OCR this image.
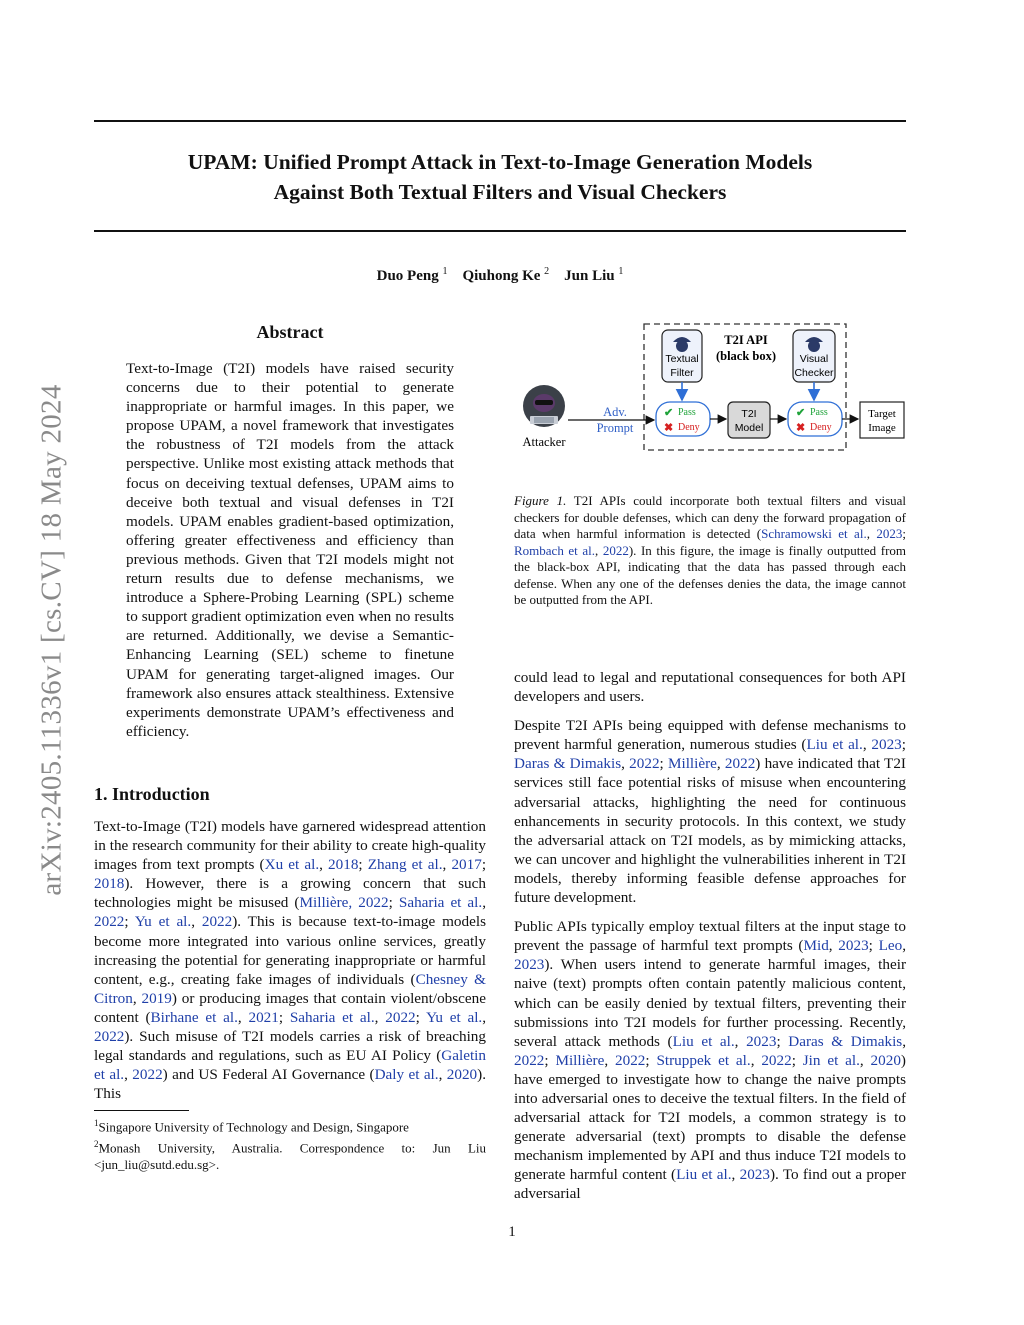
arXiv:2405.11336v1 [cs.CV] 18 May 2024
UPAM: Unified Prompt Attack in Text-to-Image Generation Models
Against Both Textual Filters and Visual Checkers
Duo Peng $^1$ Qiuhong Ke $^2$ Jun Liu $^1$
Abstract
Text-to-Image (T2I) models have raised security concerns due to their potential to generate inappropriate or harmful images. In this paper, we propose UPAM, a novel framework that investigates the robustness of T2I models from the attack perspective. Unlike most existing attack methods that focus on deceiving textual defenses, UPAM aims to deceive both textual and visual defenses in T2I models. UPAM enables gradient-based optimization, offering greater effectiveness and efficiency than previous methods. Given that T2I models might not return results due to defense mechanisms, we introduce a Sphere-Probing Learning (SPL) scheme to support gradient optimization even when no results are returned. Additionally, we devise a Semantic-Enhancing Learning (SEL) scheme to finetune UPAM for generating target-aligned images. Our framework also ensures attack stealthiness. Extensive experiments demonstrate UPAM’s effectiveness and efficiency.
1. Introduction

Text-to-Image (T2I) models have garnered widespread attention in the research community for their ability to create high-quality images from text prompts (Xu et al., 2018; Zhang et al., 2017; 2018). However, there is a growing concern that such technologies might be misused (Millière, 2022; Saharia et al., 2022; Yu et al., 2022). This is because text-to-image models become more integrated into various online services, greatly increasing the potential for generating inappropriate or harmful content, e.g., creating fake images of individuals (Chesney & Citron, 2019) or producing images that contain violent/obscene content (Birhane et al., 2021; Saharia et al., 2022; Yu et al., 2022). Such misuse of T2I models carries a risk of breaching legal standards and regulations, such as EU AI Policy (Galetin et al., 2022) and US Federal AI Governance (Daly et al., 2020). This

$^1$Singapore University of Technology and Design, Singapore
$^2$Monash University, Australia. Correspondence to: Jun Liu <jun_liu@sutd.edu.sg>.
T2I API
(black box)
Attacker
Adv.
Prompt
Textual
Filter
✔ Pass
✖ Deny
T2I
Model
Visual
Checker
✔ Pass
✖ Deny
Target
Image
Figure 1. T2I APIs could incorporate both textual filters and visual checkers for double defenses, which can deny the forward propagation of data when harmful information is detected (Schramowski et al., 2023; Rombach et al., 2022). In this figure, the image is finally outputted from the black-box API, indicating that the data has passed through each defense. When any one of the defenses denies the data, the image cannot be outputted from the API.

could lead to legal and reputational consequences for both API developers and users.

Despite T2I APIs being equipped with defense mechanisms to prevent harmful generation, numerous studies (Liu et al., 2023; Daras & Dimakis, 2022; Millière, 2022) have indicated that T2I services still face potential risks of misuse when encountering adversarial attacks, highlighting the need for continuous enhancements in security protocols. In this context, we study the adversarial attack on T2I models, as by mimicking attacks, we can uncover and highlight the vulnerabilities inherent in T2I models, thereby informing feasible defense approaches for future development.

Public APIs typically employ textual filters at the input stage to prevent the passage of harmful text prompts (Mid, 2023; Leo, 2023). When users intend to generate harmful images, their naive (text) prompts often contain patently malicious content, which can be easily denied by textual filters, preventing their submissions into T2I models for further processing. Recently, several attack methods (Liu et al., 2023; Daras & Dimakis, 2022; Millière, 2022; Struppek et al., 2022; Jin et al., 2020) have emerged to investigate how to change the naive prompts into adversarial ones to deceive the textual filters. In the field of adversarial attack for T2I models, a common strategy is to generate adversarial (text) prompts to disable the defense mechanism implemented by API and thus induce T2I models to generate harmful content (Liu et al., 2023). To find out a proper adversarial

1
